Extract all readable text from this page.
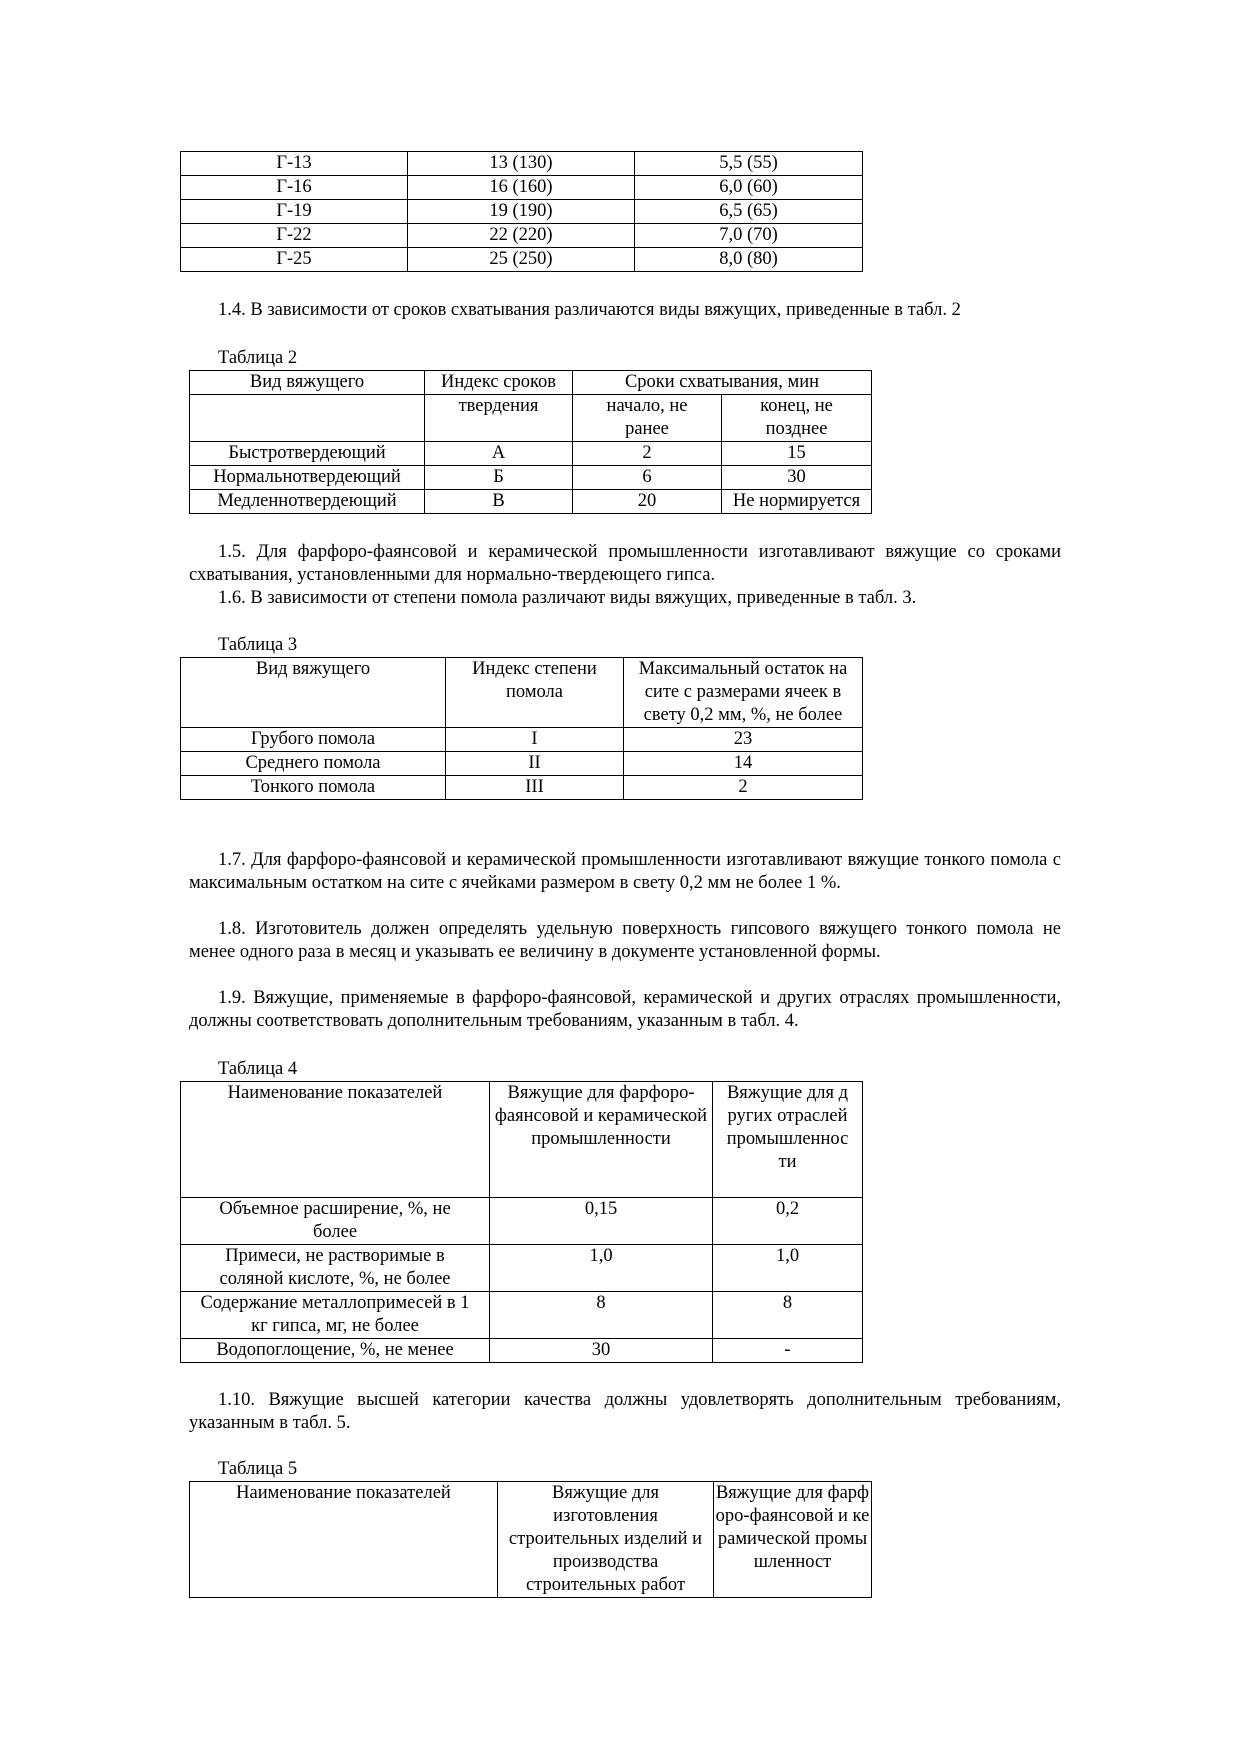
Г-13	13 (130)	5,5 (55)
Г-16	16 (160)	6,0 (60)
Г-19	19 (190)	6,5 (65)
Г-22	22 (220)	7,0 (70)
Г-25	25 (250)	8,0 (80)

1.4. В зависимости от сроков схватывания различаются виды вяжущих, приведенные в табл. 2

Таблица 2

Вид вяжущего	Индекс сроков	Сроки схватывания, мин	
	твердения	начало, не ранее	конец, не позднее
Быстротвердеющий	А	2	15
Нормальнотвердеющий	Б	6	30
Медленнотвердеющий	В	20	Не нормируется

1.5. Для фарфоро-фаянсовой и керамической промышленности изготавливают вяжущие со сроками схватывания, установленными для нормально-твердеющего гипса.

1.6. В зависимости от степени помола различают виды вяжущих, приведенные в табл. 3.

Таблица 3

Вид вяжущего	Индекс степени помола	Максимальный остаток на сите с размерами ячеек в свету 0,2 мм, %, не более
Грубого помола	I	23
Среднего помола	II	14
Тонкого помола	III	2

1.7. Для фарфоро-фаянсовой и керамической промышленности изготавливают вяжущие тонкого помола с максимальным остатком на сите с ячейками размером в свету 0,2 мм не более 1 %.

1.8. Изготовитель должен определять удельную поверхность гипсового вяжущего тонкого помола не менее одного раза в месяц и указывать ее величину в документе установленной формы.

1.9. Вяжущие, применяемые в фарфоро-фаянсовой, керамической и других отраслях промышленности, должны соответствовать дополнительным требованиям, указанным в табл. 4.

Таблица 4

Наименование показателей	Вяжущие для фарфоро-фаянсовой и керамической промышленности	Вяжущие для других отраслей промышленности
Объемное расширение, %, не более	0,15	0,2
Примеси, не растворимые в соляной кислоте, %, не более	1,0	1,0
Содержание металлопримесей в 1 кг гипса, мг, не более	8	8
Водопоглощение, %, не менее	30	-

1.10. Вяжущие высшей категории качества должны удовлетворять дополнительным требованиям, указанным в табл. 5.

Таблица 5

Наименование показателей	Вяжущие для изготовления строительных изделий и производства строительных работ	Вяжущие для фарфоро-фаянсовой и керамической промышленност
